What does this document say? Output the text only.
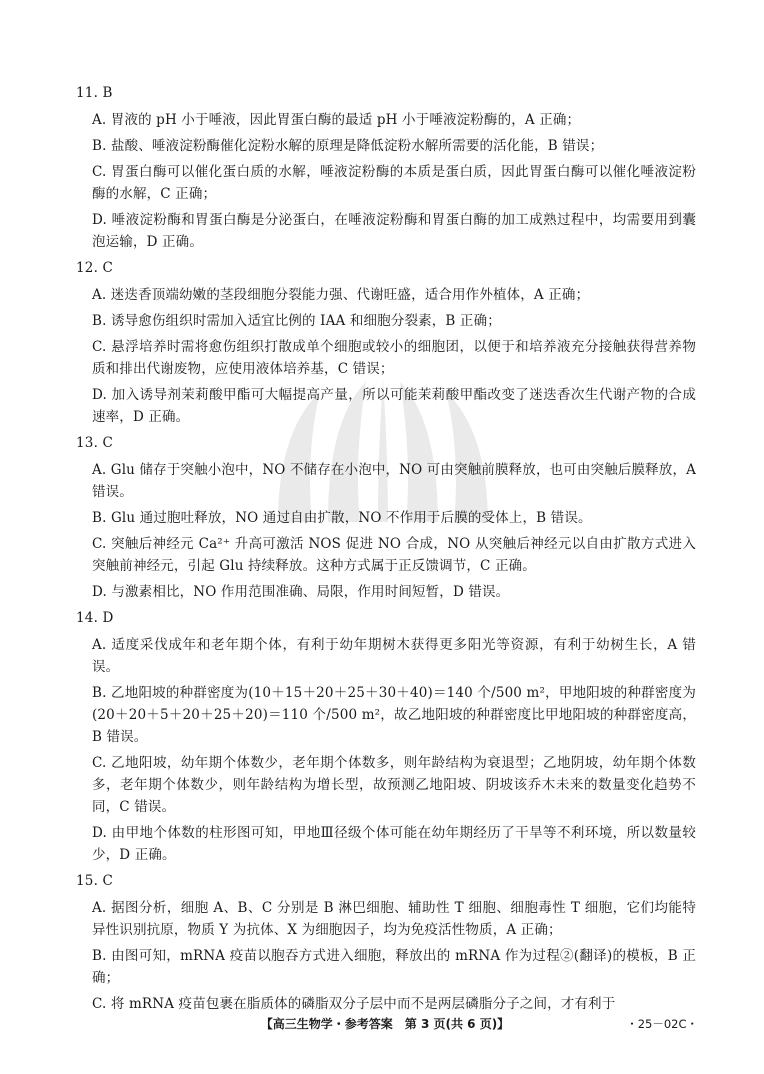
11. B
A. 胃液的 pH 小于唾液，因此胃蛋白酶的最适 pH 小于唾液淀粉酶的，A 正确；
B. 盐酸、唾液淀粉酶催化淀粉水解的原理是降低淀粉水解所需要的活化能，B 错误；
C. 胃蛋白酶可以催化蛋白质的水解，唾液淀粉酶的本质是蛋白质，因此胃蛋白酶可以催化唾液淀粉酶的水解，C 正确；
D. 唾液淀粉酶和胃蛋白酶是分泌蛋白，在唾液淀粉酶和胃蛋白酶的加工成熟过程中，均需要用到囊泡运输，D 正确。
12. C
A. 迷迭香顶端幼嫩的茎段细胞分裂能力强、代谢旺盛，适合用作外植体，A 正确；
B. 诱导愈伤组织时需加入适宜比例的 IAA 和细胞分裂素，B 正确；
C. 悬浮培养时需将愈伤组织打散成单个细胞或较小的细胞团，以便于和培养液充分接触获得营养物质和排出代谢废物，应使用液体培养基，C 错误；
D. 加入诱导剂茉莉酸甲酯可大幅提高产量，所以可能茉莉酸甲酯改变了迷迭香次生代谢产物的合成速率，D 正确。
13. C
A. Glu 储存于突触小泡中，NO 不储存在小泡中，NO 可由突触前膜释放，也可由突触后膜释放，A 错误。
B. Glu 通过胞吐释放，NO 通过自由扩散，NO 不作用于后膜的受体上，B 错误。
C. 突触后神经元 Ca²⁺ 升高可激活 NOS 促进 NO 合成，NO 从突触后神经元以自由扩散方式进入突触前神经元，引起 Glu 持续释放。这种方式属于正反馈调节，C 正确。
D. 与激素相比，NO 作用范围准确、局限，作用时间短暂，D 错误。
14. D
A. 适度采伐成年和老年期个体，有利于幼年期树木获得更多阳光等资源，有利于幼树生长，A 错误。
B. 乙地阳坡的种群密度为(10＋15＋20＋25＋30＋40)＝140 个/500 m²，甲地阳坡的种群密度为(20＋20＋5＋20＋25＋20)＝110 个/500 m²，故乙地阳坡的种群密度比甲地阳坡的种群密度高，B 错误。
C. 乙地阳坡，幼年期个体数少，老年期个体数多，则年龄结构为衰退型；乙地阴坡，幼年期个体数多，老年期个体数少，则年龄结构为增长型，故预测乙地阳坡、阴坡该乔木未来的数量变化趋势不同，C 错误。
D. 由甲地个体数的柱形图可知，甲地Ⅲ径级个体可能在幼年期经历了干旱等不利环境，所以数量较少，D 正确。
15. C
A. 据图分析，细胞 A、B、C 分别是 B 淋巴细胞、辅助性 T 细胞、细胞毒性 T 细胞，它们均能特异性识别抗原，物质 Y 为抗体、X 为细胞因子，均为免疫活性物质，A 正确；
B. 由图可知，mRNA 疫苗以胞吞方式进入细胞，释放出的 mRNA 作为过程②(翻译)的模板，B 正确；
C. 将 mRNA 疫苗包裹在脂质体的磷脂双分子层中而不是两层磷脂分子之间，才有利于
【高三生物学・参考答案　第 3 页(共 6 页)】	・25－02C・
